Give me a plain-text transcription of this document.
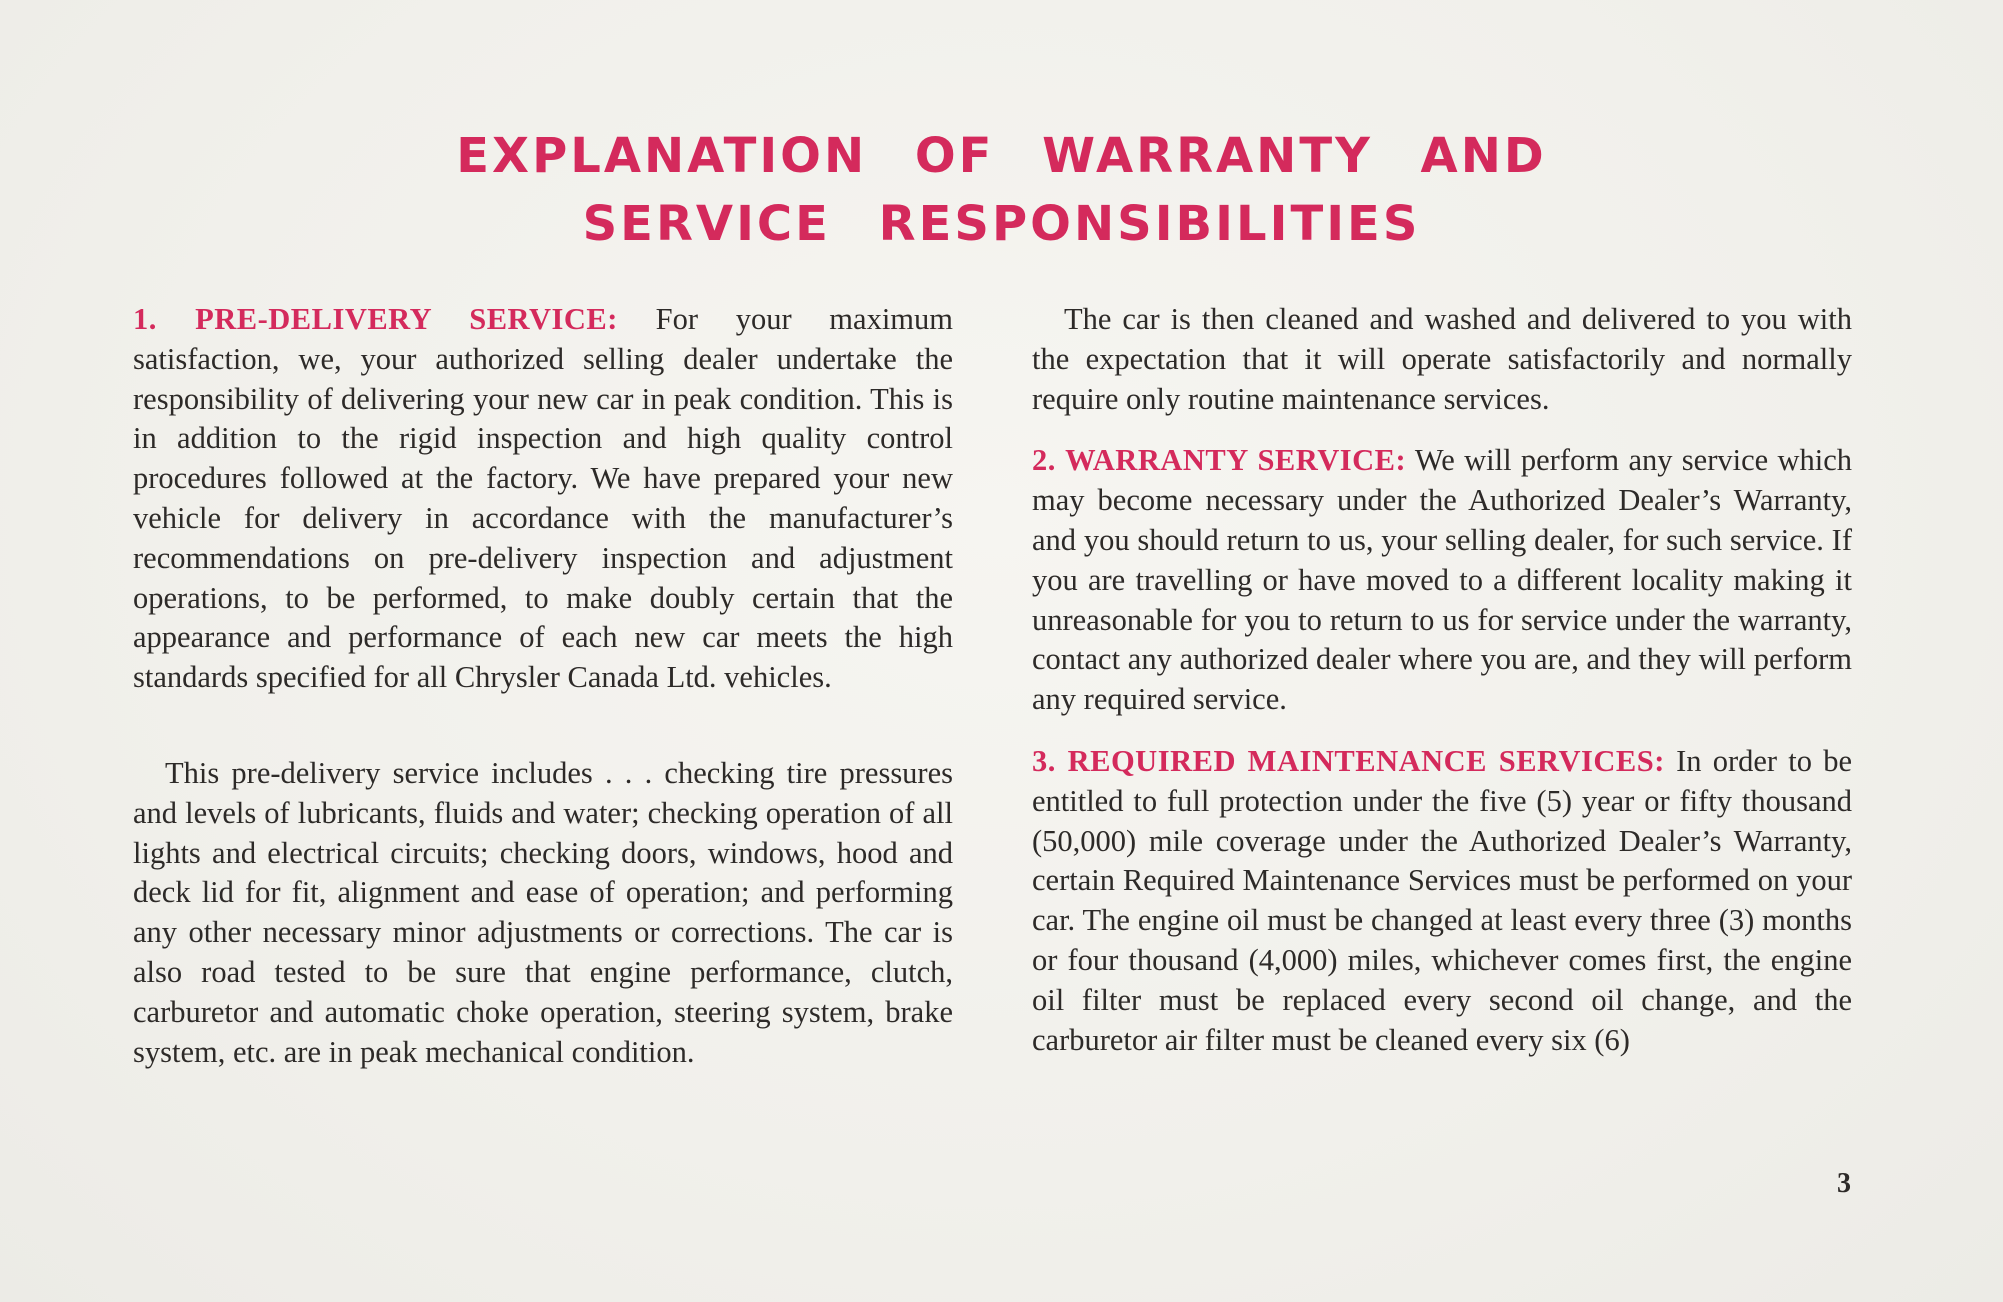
EXPLANATION OF WARRANTY AND
SERVICE RESPONSIBILITIES

1. PRE-DELIVERY SERVICE: For your maximum satisfaction, we, your authorized selling dealer undertake the responsibility of delivering your new car in peak condition. This is in addition to the rigid inspection and high quality control procedures followed at the factory. We have prepared your new vehicle for delivery in accordance with the manufacturer’s recommendations on pre-delivery inspection and adjustment operations, to be performed, to make doubly certain that the appearance and performance of each new car meets the high standards specified for all Chrysler Canada Ltd. vehicles.

This pre-delivery service includes . . . checking tire pressures and levels of lubricants, fluids and water; checking operation of all lights and electrical circuits; checking doors, windows, hood and deck lid for fit, alignment and ease of operation; and performing any other necessary minor adjustments or corrections. The car is also road tested to be sure that engine performance, clutch, carburetor and automatic choke operation, steering system, brake system, etc. are in peak mechanical condition.

The car is then cleaned and washed and delivered to you with the expectation that it will operate satisfactorily and normally require only routine maintenance services.

2. WARRANTY SERVICE: We will perform any service which may become necessary under the Authorized Dealer’s Warranty, and you should return to us, your selling dealer, for such service. If you are travelling or have moved to a different locality making it unreasonable for you to return to us for service under the warranty, contact any authorized dealer where you are, and they will perform any required service.

3. REQUIRED MAINTENANCE SERVICES: In order to be entitled to full protection under the five (5) year or fifty thousand (50,000) mile coverage under the Authorized Dealer’s Warranty, certain Required Maintenance Services must be performed on your car. The engine oil must be changed at least every three (3) months or four thousand (4,000) miles, whichever comes first, the engine oil filter must be replaced every second oil change, and the carburetor air filter must be cleaned every six (6)

3
